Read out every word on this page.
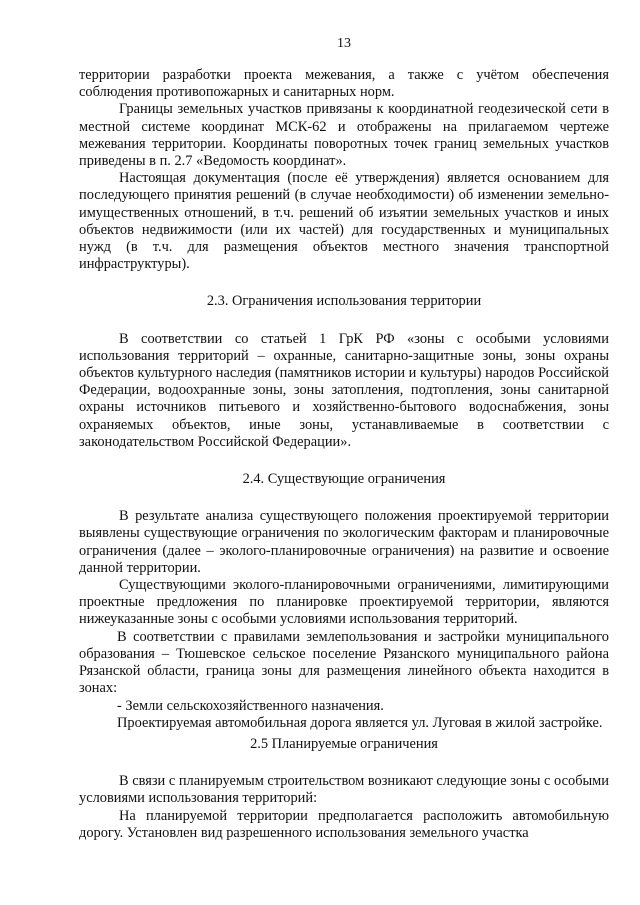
13

территории разработки проекта межевания, а также с учётом обеспечения соблюдения противопожарных и санитарных норм.

Границы земельных участков привязаны к координатной геодезической сети в местной системе координат МСК-62 и отображены на прилагаемом чертеже межевания территории. Координаты поворотных точек границ земельных участков приведены в п. 2.7 «Ведомость координат».

Настоящая документация (после её утверждения) является основанием для последующего принятия решений (в случае необходимости) об изменении земельно-имущественных отношений, в т.ч. решений об изъятии земельных участков и иных объектов недвижимости (или их частей) для государственных и муниципальных нужд (в т.ч. для размещения объектов местного значения транспортной инфраструктуры).

2.3. Ограничения использования территории

В соответствии со статьей 1 ГрК РФ «зоны с особыми условиями использования территорий – охранные, санитарно-защитные зоны, зоны охраны объектов культурного наследия (памятников истории и культуры) народов Российской Федерации, водоохранные зоны, зоны затопления, подтопления, зоны санитарной охраны источников питьевого и хозяйственно-бытового водоснабжения, зоны охраняемых объектов, иные зоны, устанавливаемые в соответствии с законодательством Российской Федерации».

2.4. Существующие ограничения

В результате анализа существующего положения проектируемой территории выявлены существующие ограничения по экологическим факторам и планировочные ограничения (далее – эколого-планировочные ограничения) на развитие и освоение данной территории.

Существующими эколого-планировочными ограничениями, лимитирующими проектные предложения по планировке проектируемой территории, являются нижеуказанные зоны с особыми условиями использования территорий.

В соответствии с правилами землепользования и застройки муниципального образования – Тюшевское сельское поселение Рязанского муниципального района Рязанской области, граница зоны для размещения линейного объекта находится в зонах:

- Земли сельскохозяйственного назначения.

Проектируемая автомобильная дорога является ул. Луговая в жилой застройке.

2.5 Планируемые ограничения

В связи с планируемым строительством возникают следующие зоны с особыми условиями использования территорий:

На планируемой территории предполагается расположить автомобильную дорогу. Установлен вид разрешенного использования земельного участка
